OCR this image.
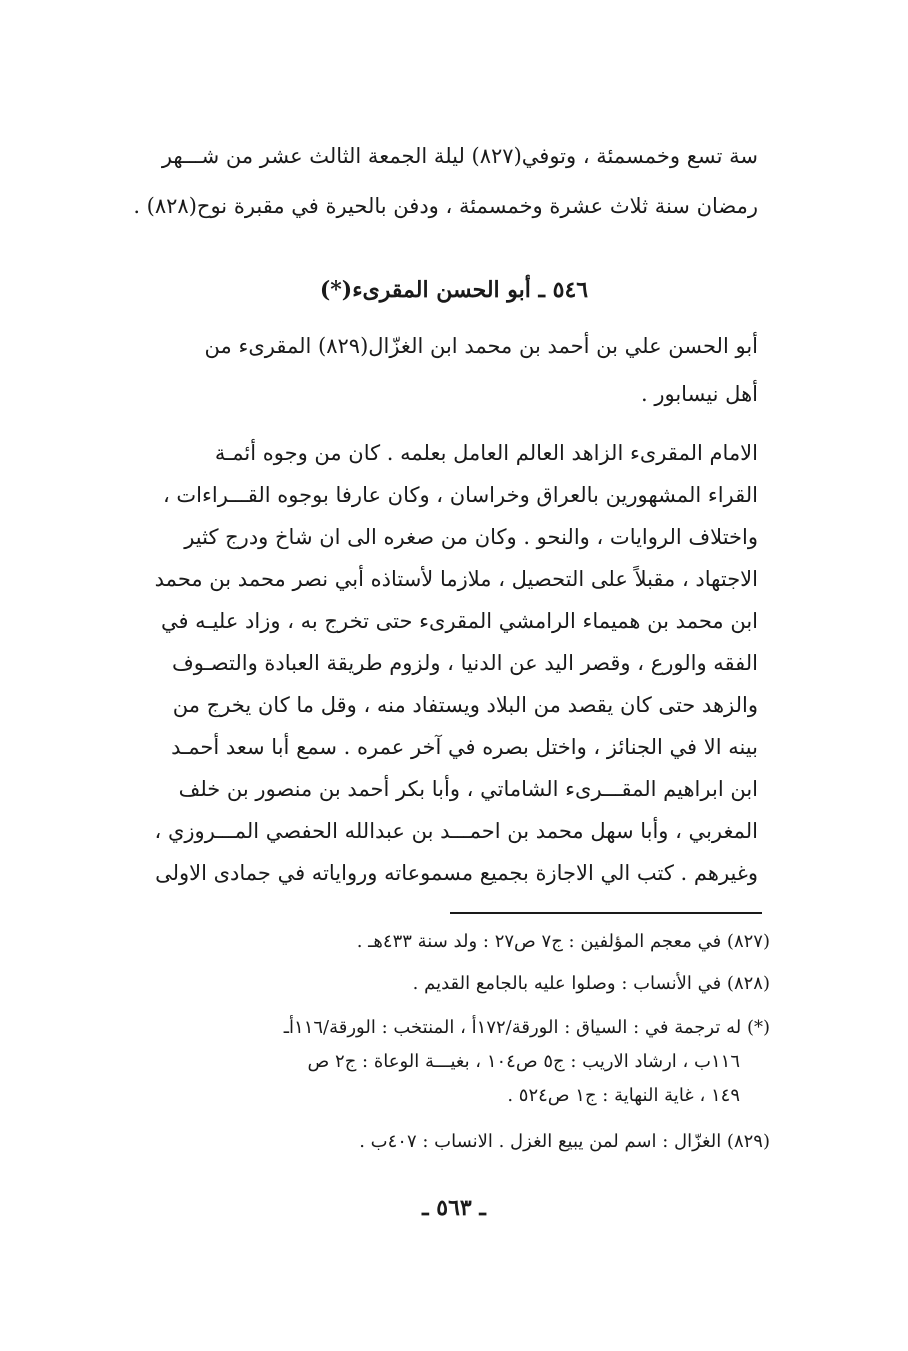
سة تسع وخمسمئة ، وتوفي(٨٢٧) ليلة الجمعة الثالث عشر من شـــهر
رمضان سنة ثلاث عشرة وخمسمئة ، ودفن بالحيرة في مقبرة نوح(٨٢٨) .
٥٤٦ ـ أبو الحسن المقرىء(*)
أبو الحسن علي بن أحمد بن محمد ابن الغزّال(٨٢٩) المقرىء من
أهل نيسابور .
الامام المقرىء الزاهد العالم العامل بعلمه . كان من وجوه أئمـة
القراء المشهورين بالعراق وخراسان ، وكان عارفا بوجوه القـــراءات ،
واختلاف الروايات ، والنحو . وكان من صغره الى ان شاخ ودرج كثير
الاجتهاد ، مقبلاً على التحصيل ، ملازما لأستاذه أبي نصر محمد بن محمد
ابن محمد بن هميماء الرامشي المقرىء حتى تخرج به ، وزاد عليـه في
الفقه والورع ، وقصر اليد عن الدنيا ، ولزوم طريقة العبادة والتصـوف
والزهد حتى كان يقصد من البلاد ويستفاد منه ، وقل ما كان يخرج من
بينه الا في الجنائز ، واختل بصره في آخر عمره . سمع أبا سعد أحمـد
ابن ابراهيم المقـــرىء الشاماتي ، وأبا بكر أحمد بن منصور بن خلف
المغربي ، وأبا سهل محمد بن احمـــد بن عبدالله الحفصي المـــروزي ،
وغيرهم . كتب الي الاجازة بجميع مسموعاته ورواياته في جمادى الاولى
(٨٢٧) في معجم المؤلفين : ج٧ ص٢٧ : ولد سنة ٤٣٣هـ .
(٨٢٨) في الأنساب : وصلوا عليه بالجامع القديم .
(*) له ترجمة في : السياق : الورقة/١٧٢أ ، المنتخب : الورقة/١١٦أـ
١١٦ب ، ارشاد الاريب : ج٥ ص١٠٤ ، بغيـــة الوعاة : ج٢ ص
١٤٩ ، غاية النهاية : ج١ ص٥٢٤ .
(٨٢٩) الغزّال : اسم لمن يبيع الغزل . الانساب : ٤٠٧ب .
ـ ٥٦٣ ـ
